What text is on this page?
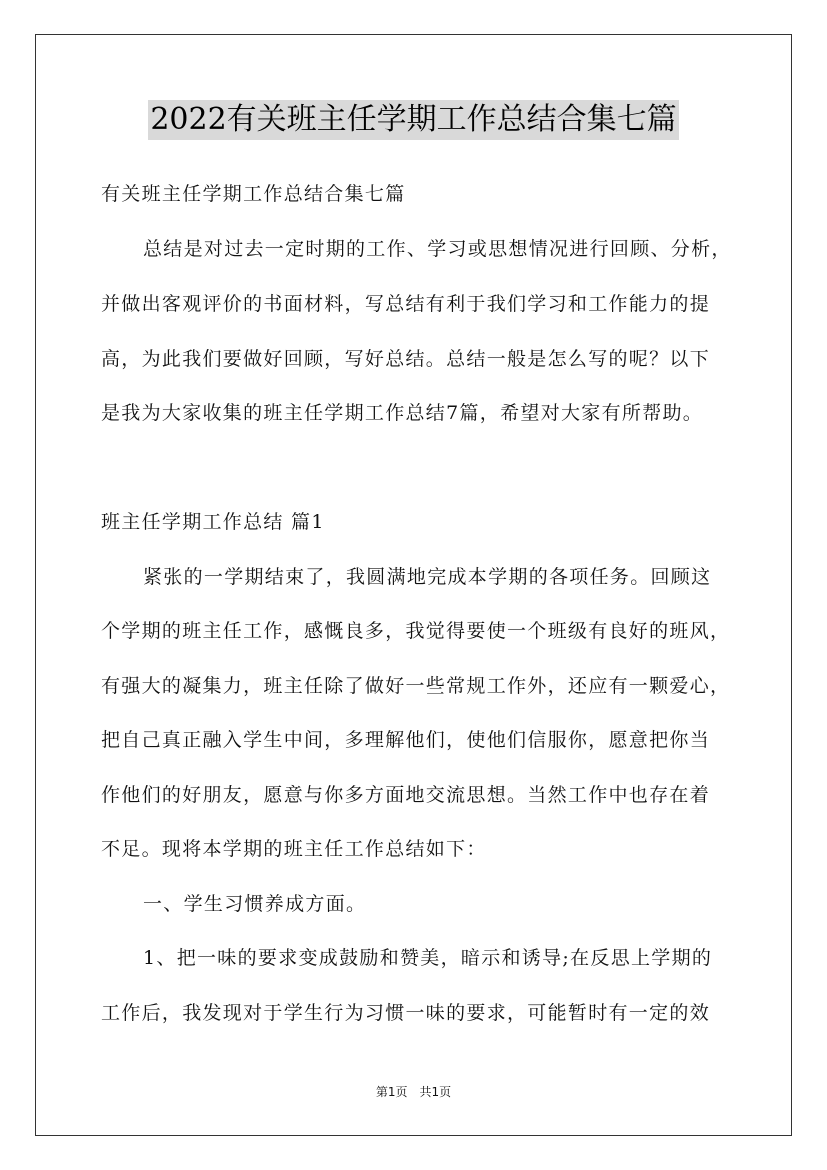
2022有关班主任学期工作总结合集七篇
有关班主任学期工作总结合集七篇
总结是对过去一定时期的工作、学习或思想情况进行回顾、分析，
并做出客观评价的书面材料，写总结有利于我们学习和工作能力的提
高，为此我们要做好回顾，写好总结。总结一般是怎么写的呢？以下
是我为大家收集的班主任学期工作总结7篇，希望对大家有所帮助。
班主任学期工作总结 篇1
紧张的一学期结束了，我圆满地完成本学期的各项任务。回顾这
个学期的班主任工作，感慨良多，我觉得要使一个班级有良好的班风，
有强大的凝集力，班主任除了做好一些常规工作外，还应有一颗爱心，
把自己真正融入学生中间，多理解他们，使他们信服你，愿意把你当
作他们的好朋友，愿意与你多方面地交流思想。当然工作中也存在着
不足。现将本学期的班主任工作总结如下：
一、学生习惯养成方面。
1、把一味的要求变成鼓励和赞美，暗示和诱导;在反思上学期的
工作后，我发现对于学生行为习惯一味的要求，可能暂时有一定的效
第1页　共1页
